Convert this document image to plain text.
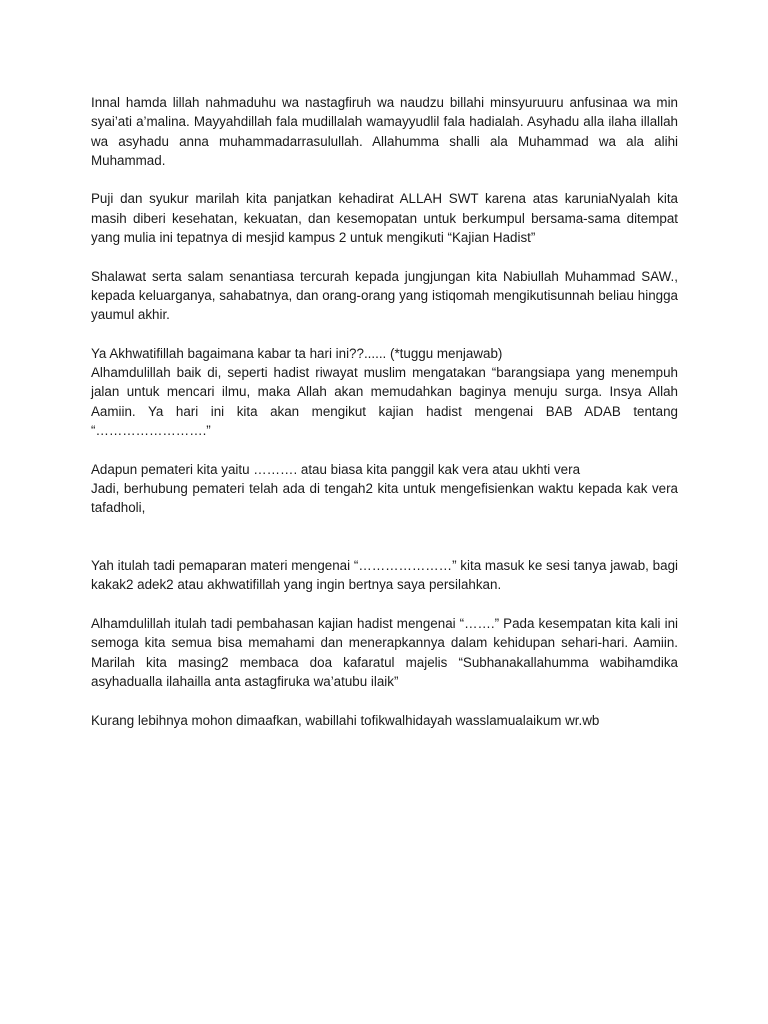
Innal hamda lillah nahmaduhu wa nastagfiruh wa naudzu billahi minsyuruuru anfusinaa wa min syai’ati a’malina. Mayyahdillah fala mudillalah wamayyudlil fala hadialah. Asyhadu alla ilaha illallah wa asyhadu anna muhammadarrasulullah. Allahumma shalli ala Muhammad wa ala alihi Muhammad.

Puji dan syukur marilah kita panjatkan kehadirat ALLAH SWT karena atas karuniaNyalah kita masih diberi kesehatan, kekuatan, dan kesemopatan untuk berkumpul bersama-sama ditempat yang mulia ini tepatnya di mesjid kampus 2 untuk mengikuti “Kajian Hadist”

Shalawat serta salam senantiasa tercurah kepada jungjungan kita Nabiullah Muhammad SAW., kepada keluarganya, sahabatnya, dan orang-orang yang istiqomah mengikutisunnah beliau hingga yaumul akhir.

Ya Akhwatifillah bagaimana kabar ta hari ini??...... (*tuggu menjawab)

Alhamdulillah baik di, seperti hadist riwayat muslim mengatakan “barangsiapa yang menempuh jalan untuk mencari ilmu, maka Allah akan memudahkan baginya menuju surga. Insya Allah Aamiin. Ya hari ini kita akan mengikut kajian hadist mengenai BAB ADAB tentang “…………………….”

Adapun pemateri kita yaitu ………. atau biasa kita panggil kak vera atau ukhti vera

Jadi, berhubung pemateri telah ada di tengah2 kita untuk mengefisienkan waktu kepada kak vera tafadholi,

Yah itulah tadi pemaparan materi mengenai “…………………” kita masuk ke sesi tanya jawab, bagi kakak2 adek2 atau akhwatifillah yang ingin bertnya saya persilahkan.

Alhamdulillah itulah tadi pembahasan kajian hadist mengenai “…….” Pada kesempatan kita kali ini semoga kita semua bisa memahami dan menerapkannya dalam kehidupan sehari-hari. Aamiin. Marilah kita masing2 membaca doa kafaratul majelis “Subhanakallahumma wabihamdika asyhadualla ilahailla anta astagfiruka wa’atubu ilaik”

Kurang lebihnya mohon dimaafkan, wabillahi tofikwalhidayah wasslamualaikum wr.wb
